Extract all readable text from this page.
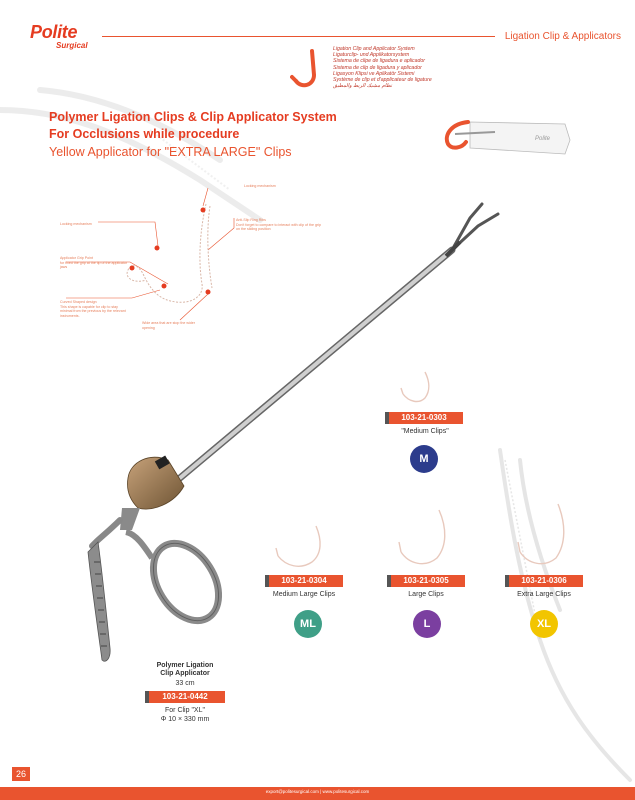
Polite
Surgical
Ligation Clip & Applicators
Ligation Clip and Applicator System
Ligaturclip- und Applikatorsystem
Sistema de clipe de ligadura e aplicador
Sistema de clip de ligadura y aplicador
Ligasyon Klipsi ve Aplikatör Sistemi
Système de clip et d'applicateur de ligature
نظام مشبك الربط والمطبق
Polite
Polymer Ligation Clips & Clip Applicator System
For Occlusions while procedure
Yellow Applicator for "EXTRA LARGE" Clips
Locking mechanism
Locking mechanism
Anti-Slip Ring Ribs
Don't forget to compare to interact with clip of the grip on the sliding position
Applicator Grip Point
for fixed the grip at the tip of the applicator jaws
Curved Shaped design
This shape is capable for clip to stay minimal from the previous by the relevant instruments.
Wide area that are stop the wider opening
103-21-0303
"Medium Clips"
M
103-21-0304
Medium Large Clips
ML
103-21-0305
Large Clips
L
103-21-0306
Extra Large Clips
XL
Polymer Ligation
Clip Applicator
33 cm
103-21-0442
For Clip "XL"
Φ 10 × 330 mm
26
export@politesurgical.com | www.politesurgical.com
